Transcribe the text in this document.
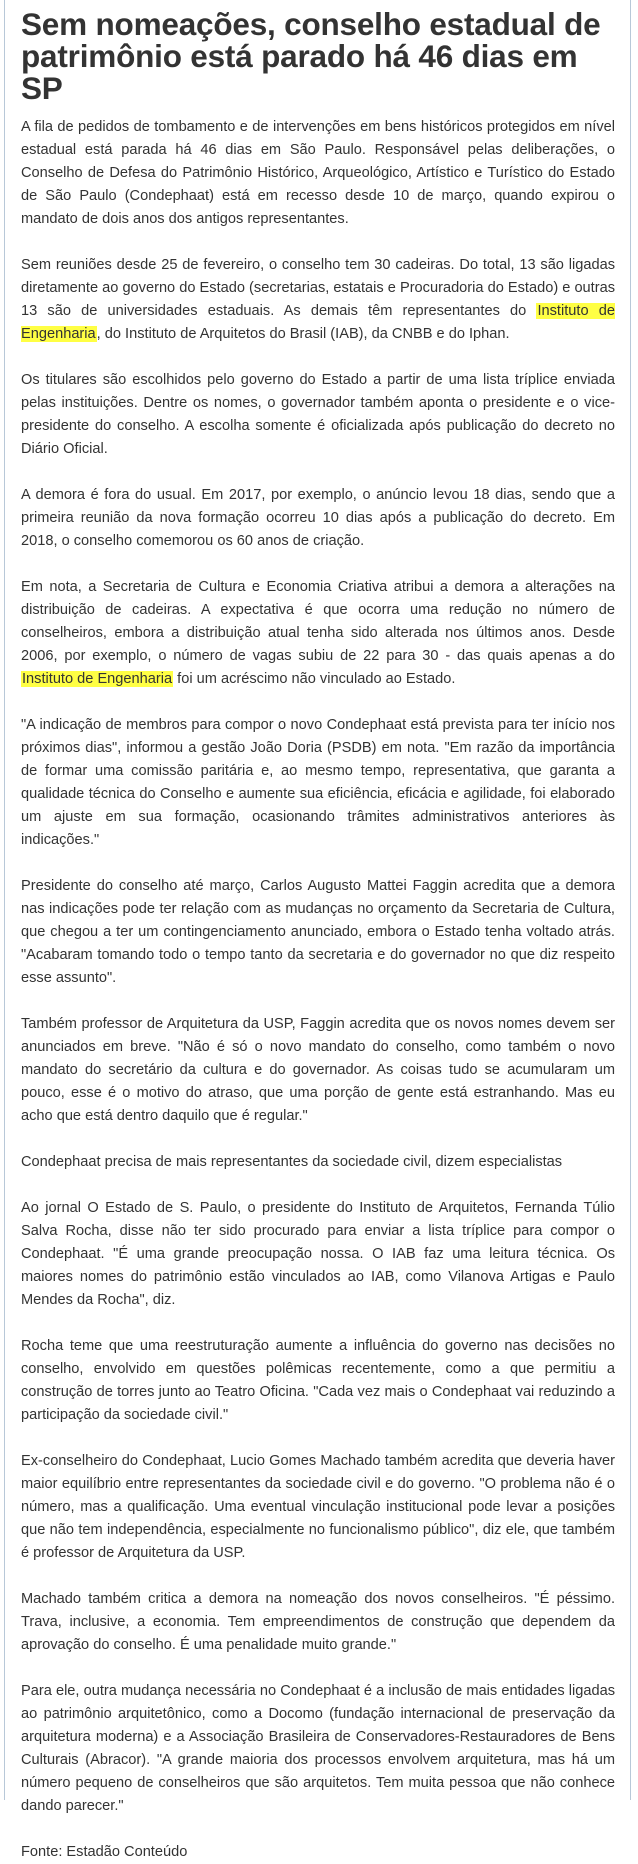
Sem nomeações, conselho estadual de patrimônio está parado há 46 dias em SP

A fila de pedidos de tombamento e de intervenções em bens históricos protegidos em nível estadual está parada há 46 dias em São Paulo. Responsável pelas deliberações, o Conselho de Defesa do Patrimônio Histórico, Arqueológico, Artístico e Turístico do Estado de São Paulo (Condephaat) está em recesso desde 10 de março, quando expirou o mandato de dois anos dos antigos representantes.

Sem reuniões desde 25 de fevereiro, o conselho tem 30 cadeiras. Do total, 13 são ligadas diretamente ao governo do Estado (secretarias, estatais e Procuradoria do Estado) e outras 13 são de universidades estaduais. As demais têm representantes do Instituto de Engenharia, do Instituto de Arquitetos do Brasil (IAB), da CNBB e do Iphan.

Os titulares são escolhidos pelo governo do Estado a partir de uma lista tríplice enviada pelas instituições. Dentre os nomes, o governador também aponta o presidente e o vice-presidente do conselho. A escolha somente é oficializada após publicação do decreto no Diário Oficial.

A demora é fora do usual. Em 2017, por exemplo, o anúncio levou 18 dias, sendo que a primeira reunião da nova formação ocorreu 10 dias após a publicação do decreto. Em 2018, o conselho comemorou os 60 anos de criação.

Em nota, a Secretaria de Cultura e Economia Criativa atribui a demora a alterações na distribuição de cadeiras. A expectativa é que ocorra uma redução no número de conselheiros, embora a distribuição atual tenha sido alterada nos últimos anos. Desde 2006, por exemplo, o número de vagas subiu de 22 para 30 - das quais apenas a do Instituto de Engenharia foi um acréscimo não vinculado ao Estado.

"A indicação de membros para compor o novo Condephaat está prevista para ter início nos próximos dias", informou a gestão João Doria (PSDB) em nota. "Em razão da importância de formar uma comissão paritária e, ao mesmo tempo, representativa, que garanta a qualidade técnica do Conselho e aumente sua eficiência, eficácia e agilidade, foi elaborado um ajuste em sua formação, ocasionando trâmites administrativos anteriores às indicações."

Presidente do conselho até março, Carlos Augusto Mattei Faggin acredita que a demora nas indicações pode ter relação com as mudanças no orçamento da Secretaria de Cultura, que chegou a ter um contingenciamento anunciado, embora o Estado tenha voltado atrás. "Acabaram tomando todo o tempo tanto da secretaria e do governador no que diz respeito esse assunto".

Também professor de Arquitetura da USP, Faggin acredita que os novos nomes devem ser anunciados em breve. "Não é só o novo mandato do conselho, como também o novo mandato do secretário da cultura e do governador. As coisas tudo se acumularam um pouco, esse é o motivo do atraso, que uma porção de gente está estranhando. Mas eu acho que está dentro daquilo que é regular."

Condephaat precisa de mais representantes da sociedade civil, dizem especialistas

Ao jornal O Estado de S. Paulo, o presidente do Instituto de Arquitetos, Fernanda Túlio Salva Rocha, disse não ter sido procurado para enviar a lista tríplice para compor o Condephaat. "É uma grande preocupação nossa. O IAB faz uma leitura técnica. Os maiores nomes do patrimônio estão vinculados ao IAB, como Vilanova Artigas e Paulo Mendes da Rocha", diz.

Rocha teme que uma reestruturação aumente a influência do governo nas decisões no conselho, envolvido em questões polêmicas recentemente, como a que permitiu a construção de torres junto ao Teatro Oficina. "Cada vez mais o Condephaat vai reduzindo a participação da sociedade civil."

Ex-conselheiro do Condephaat, Lucio Gomes Machado também acredita que deveria haver maior equilíbrio entre representantes da sociedade civil e do governo. "O problema não é o número, mas a qualificação. Uma eventual vinculação institucional pode levar a posições que não tem independência, especialmente no funcionalismo público", diz ele, que também é professor de Arquitetura da USP.

Machado também critica a demora na nomeação dos novos conselheiros. "É péssimo. Trava, inclusive, a economia. Tem empreendimentos de construção que dependem da aprovação do conselho. É uma penalidade muito grande."

Para ele, outra mudança necessária no Condephaat é a inclusão de mais entidades ligadas ao patrimônio arquitetônico, como a Docomo (fundação internacional de preservação da arquitetura moderna) e a Associação Brasileira de Conservadores-Restauradores de Bens Culturais (Abracor). "A grande maioria dos processos envolvem arquitetura, mas há um número pequeno de conselheiros que são arquitetos. Tem muita pessoa que não conhece dando parecer."

Fonte: Estadão Conteúdo
